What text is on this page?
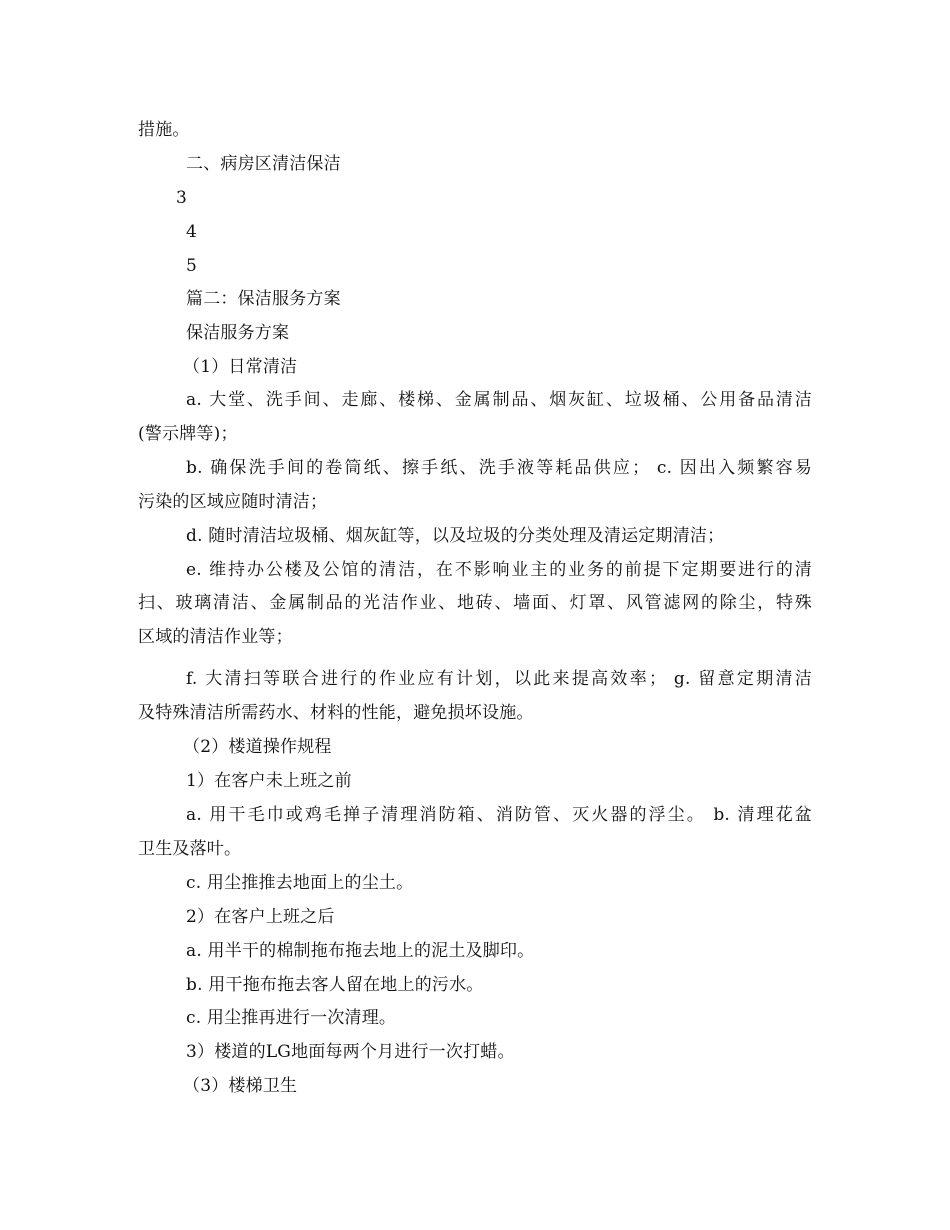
措施。
二、病房区清洁保洁
3
4
5
篇二：保洁服务方案
保洁服务方案
（1）日常清洁
a. 大堂、洗手间、走廊、楼梯、金属制品、烟灰缸、垃圾桶、公用备品清洁
(警示牌等)；
b. 确保洗手间的卷筒纸、擦手纸、洗手液等耗品供应； c. 因出入频繁容易
污染的区域应随时清洁；
d. 随时清洁垃圾桶、烟灰缸等，以及垃圾的分类处理及清运定期清洁；
e. 维持办公楼及公馆的清洁，在不影响业主的业务的前提下定期要进行的清
扫、玻璃清洁、金属制品的光洁作业、地砖、墙面、灯罩、风管滤网的除尘，特殊
区域的清洁作业等；
f. 大清扫等联合进行的作业应有计划，以此来提高效率； g. 留意定期清洁
及特殊清洁所需药水、材料的性能，避免损坏设施。
（2）楼道操作规程
1）在客户未上班之前
a. 用干毛巾或鸡毛掸子清理消防箱、消防管、灭火器的浮尘。 b. 清理花盆
卫生及落叶。
c. 用尘推推去地面上的尘土。
2）在客户上班之后
a. 用半干的棉制拖布拖去地上的泥土及脚印。
b. 用干拖布拖去客人留在地上的污水。
c. 用尘推再进行一次清理。
3）楼道的LG地面每两个月进行一次打蜡。
（3）楼梯卫生
